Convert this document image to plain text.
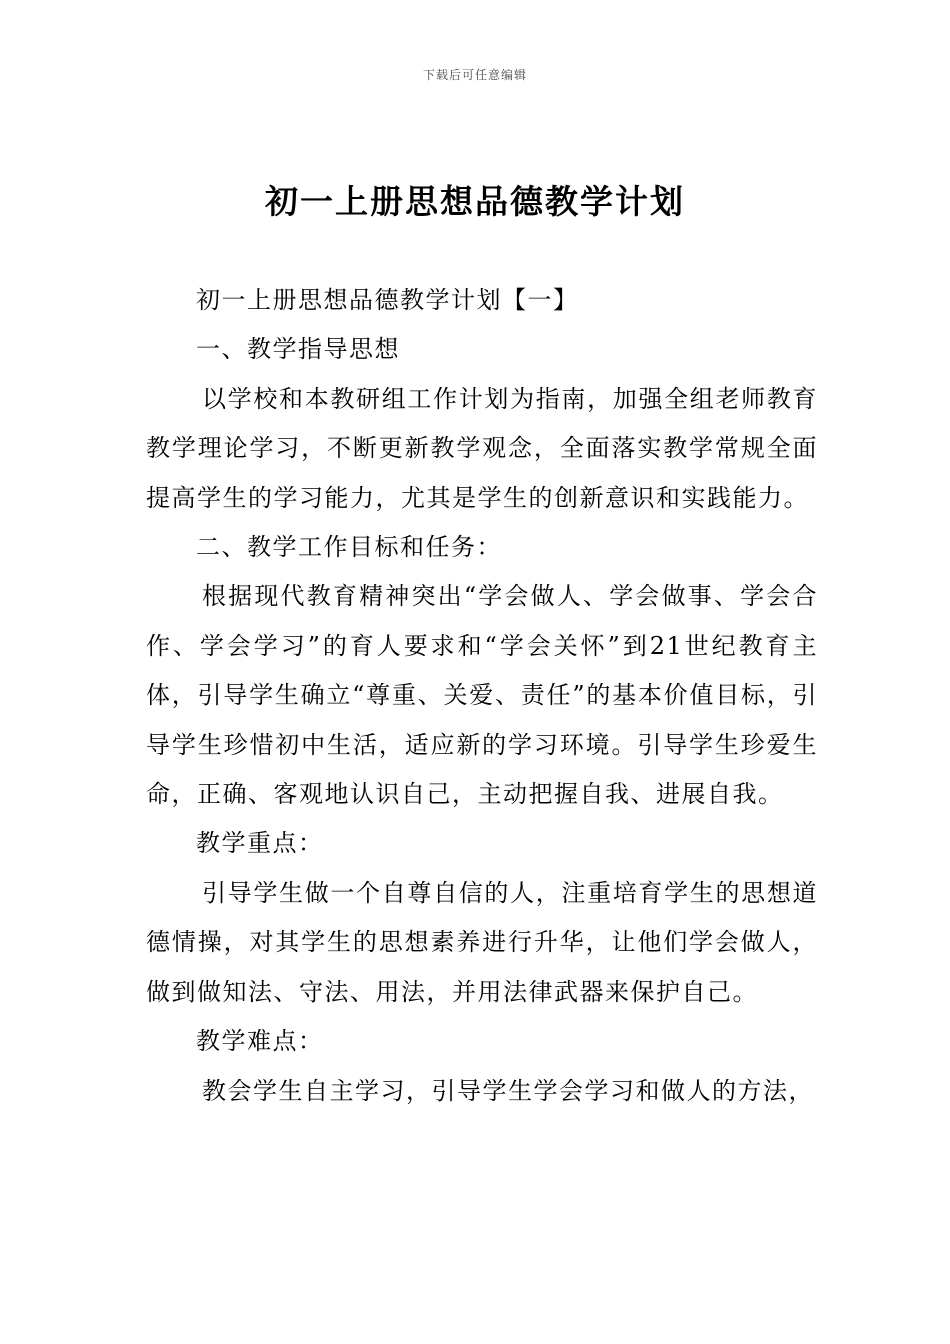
下载后可任意编辑
初一上册思想品德教学计划

初一上册思想品德教学计划【一】

一、教学指导思想

以学校和本教研组工作计划为指南，加强全组老师教育教学理论学习，不断更新教学观念，全面落实教学常规全面提高学生的学习能力，尤其是学生的创新意识和实践能力。

二、教学工作目标和任务：

根据现代教育精神突出“学会做人、学会做事、学会合作、学会学习”的育人要求和“学会关怀”到21世纪教育主体，引导学生确立“尊重、关爱、责任”的基本价值目标，引导学生珍惜初中生活，适应新的学习环境。引导学生珍爱生命，正确、客观地认识自己，主动把握自我、进展自我。

教学重点：

引导学生做一个自尊自信的人，注重培育学生的思想道德情操，对其学生的思想素养进行升华，让他们学会做人，做到做知法、守法、用法，并用法律武器来保护自己。

教学难点：

教会学生自主学习，引导学生学会学习和做人的方法，
